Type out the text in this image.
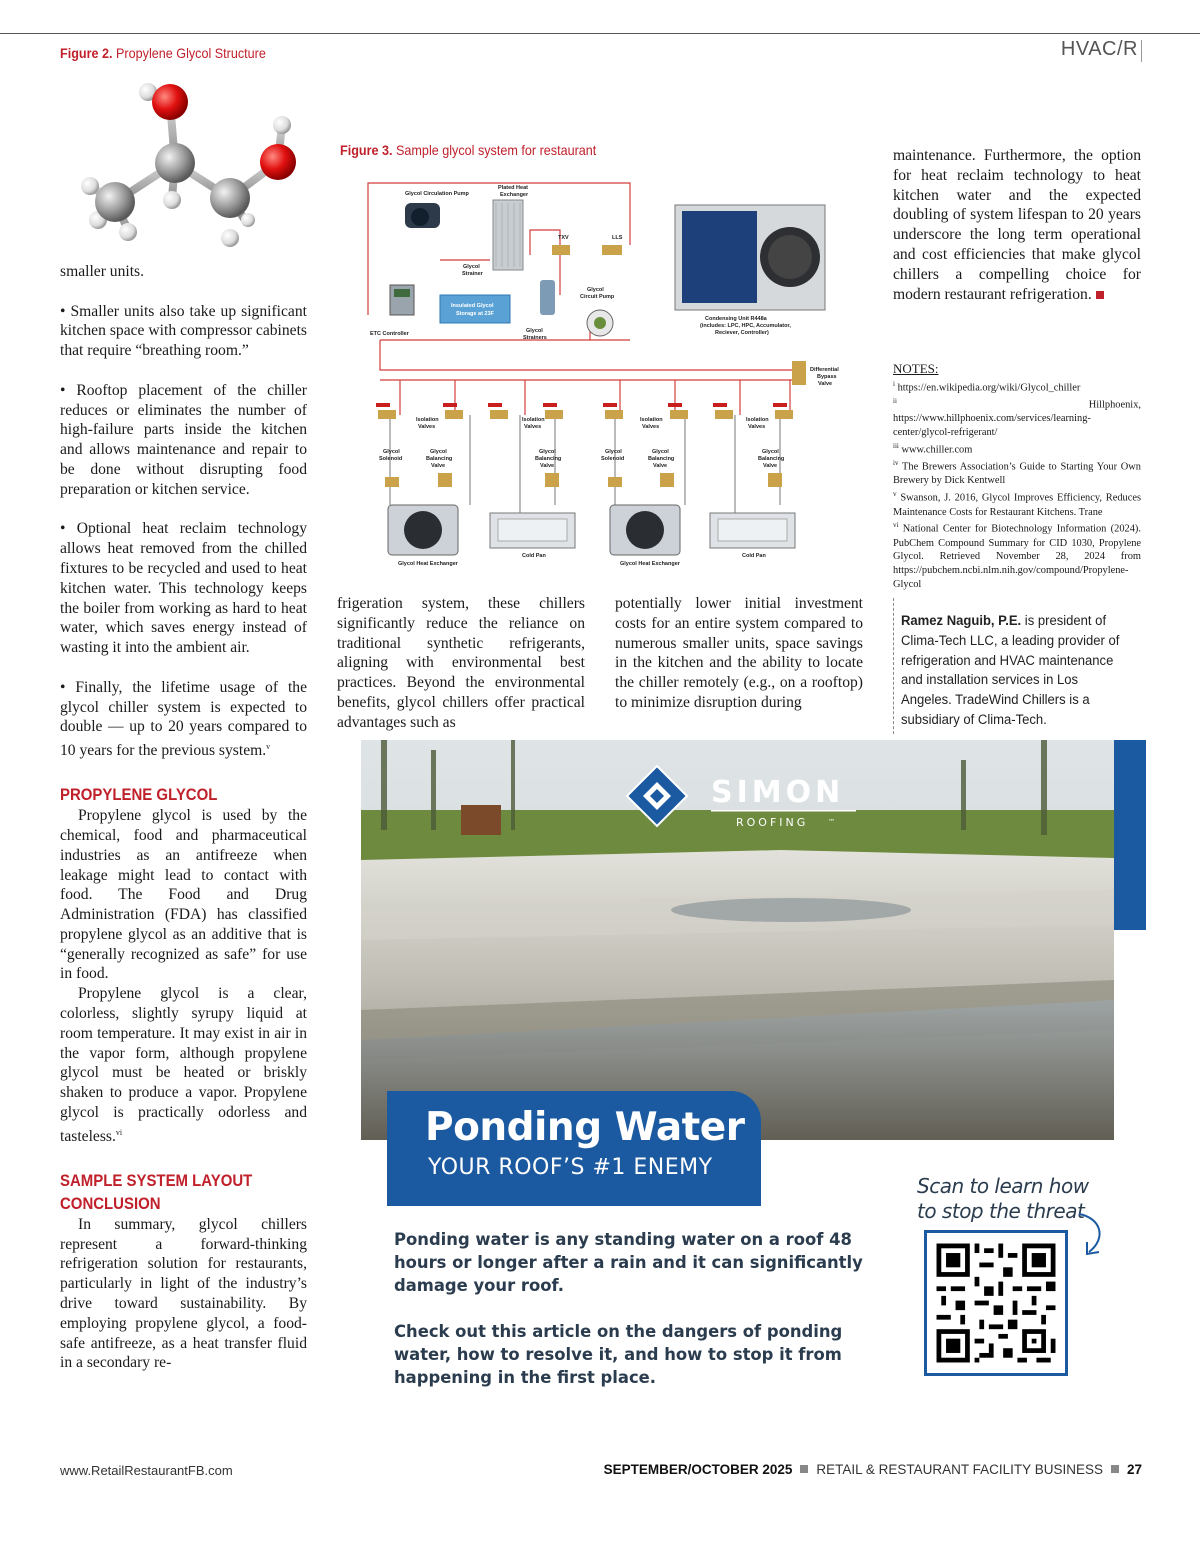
HVAC/R
Figure 2. Propylene Glycol Structure

smaller units.

• Smaller units also take up significant kitchen space with compressor cabinets that require “breathing room.”

• Rooftop placement of the chiller reduces or eliminates the number of high-failure parts inside the kitchen and allows maintenance and repair to be done without disrupting food preparation or kitchen service.

• Optional heat reclaim technology allows heat removed from the chilled fixtures to be recycled and used to heat kitchen water. This technology keeps the boiler from working as hard to heat water, which saves energy instead of wasting it into the ambient air.

• Finally, the lifetime usage of the glycol chiller system is expected to double — up to 20 years compared to 10 years for the previous system.$^v$

PROPYLENE GLYCOL

Propylene glycol is used by the chemical, food and pharmaceutical industries as an antifreeze when leakage might lead to contact with food. The Food and Drug Administration (FDA) has classified propylene glycol as an additive that is “generally recognized as safe” for use in food.

Propylene glycol is a clear, colorless, slightly syrupy liquid at room temperature. It may exist in air in the vapor form, although propylene glycol must be heated or briskly shaken to produce a vapor. Propylene glycol is practically odorless and tasteless.$^{vi}$

SAMPLE SYSTEM LAYOUT
CONCLUSION

In summary, glycol chillers represent a forward-thinking refrigeration solution for restaurants, particularly in light of the industry’s drive toward sustainability. By employing propylene glycol, a food-safe antifreeze, as a heat transfer fluid in a secondary re-

Figure 3. Sample glycol system for restaurant
Glycol Circulation Pump
Plated Heat
Exchanger
TXV	LLS
Condensing Unit R448a
(includes: LPC, HPC, Accumulator,
Reciever, Controller)
ETC Controller
Insulated Glycol
Storage at 23F
Glycol
Strainer
Glycol
Strainers
Glycol
Circuit Pump
Differential
Bypass
Valve
Isolation
Valves
Isolation
Valves
Isolation
Valves
Isolation
Valves
Glycol
Solenoid
Glycol
Balancing
Valve
Glycol
Balancing
Valve
Glycol
Solenoid
Glycol
Balancing
Valve
Glycol
Balancing
Valve
Glycol Heat Exchanger	Glycol Heat Exchanger
Cold Pan	Cold Pan

frigeration system, these chillers significantly reduce the reliance on traditional synthetic refrigerants, aligning with environmental best practices. Beyond the environmental benefits, glycol chillers offer practical advantages such as

potentially lower initial investment costs for an entire system compared to numerous smaller units, space savings in the kitchen and the ability to locate the chiller remotely (e.g., on a rooftop) to minimize disruption during

maintenance. Furthermore, the option for heat reclaim technology to heat kitchen water and the expected doubling of system lifespan to 20 years underscore the long term operational and cost efficiencies that make glycol chillers a compelling choice for modern restaurant refrigeration.

NOTES:
$^i$ https://en.wikipedia.org/wiki/Glycol_chiller
$^{ii}$	Hillphoenix, https://www.hillphoenix.com/services/learning-center/glycol-refrigerant/
$^{iii}$ www.chiller.com
$^{iv}$ The Brewers Association’s Guide to Starting Your Own Brewery by Dick Kentwell
$^v$ Swanson, J. 2016, Glycol Improves Efficiency, Reduces Maintenance Costs for Restaurant Kitchens. Trane
$^{vi}$ National Center for Biotechnology Information (2024). PubChem Compound Summary for CID 1030, Propylene Glycol. Retrieved November 28, 2024 from https://pubchem.ncbi.nlm.nih.gov/compound/Propylene-Glycol
Ramez Naguib, P.E. is president of Clima-Tech LLC, a leading provider of refrigeration and HVAC maintenance and installation services in Los Angeles. TradeWind Chillers is a subsidiary of Clima-Tech.
SIMON
ROOFING	™
Ponding Water
YOUR ROOF’S #1 ENEMY
Ponding water is any standing water on a roof 48 hours or longer after a rain and it can significantly damage your roof.
Check out this article on the dangers of ponding water, how to resolve it, and how to stop it from happening in the first place.
Scan to learn how
to stop the threat
www.RetailRestaurantFB.com	SEPTEMBER/OCTOBER 2025 RETAIL & RESTAURANT FACILITY BUSINESS 27
